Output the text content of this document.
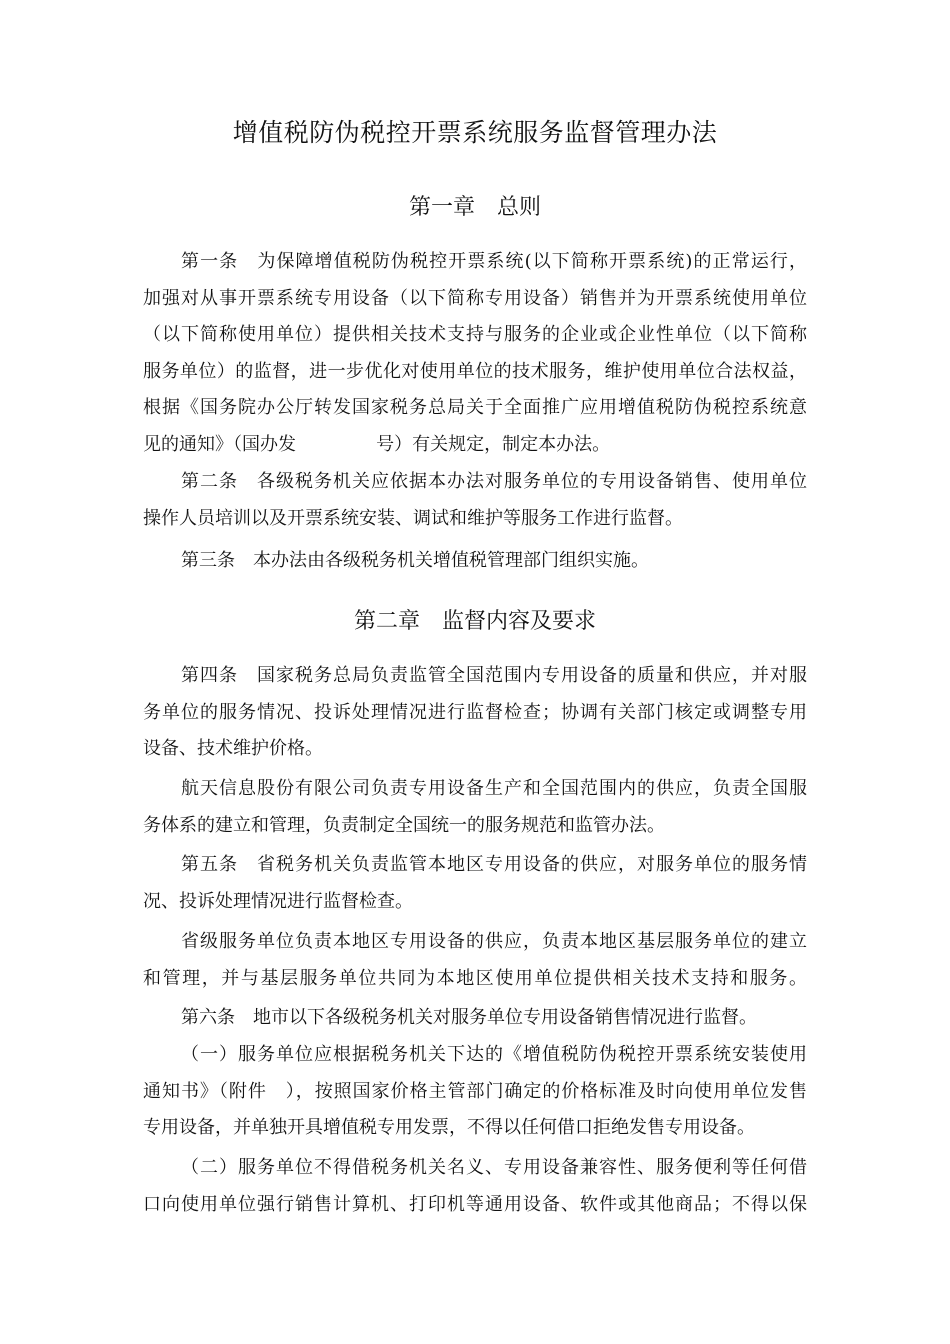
增值税防伪税控开票系统服务监督管理办法
第一章　总则
第一条　为保障增值税防伪税控开票系统(以下简称开票系统)的正常运行，
加强对从事开票系统专用设备（以下简称专用设备）销售并为开票系统使用单位
（以下简称使用单位）提供相关技术支持与服务的企业或企业性单位（以下简称
服务单位）的监督，进一步优化对使用单位的技术服务，维护使用单位合法权益，
根据《国务院办公厅转发国家税务总局关于全面推广应用增值税防伪税控系统意
见的通知》（国办发	号）有关规定，制定本办法。
第二条　各级税务机关应依据本办法对服务单位的专用设备销售、使用单位
操作人员培训以及开票系统安装、调试和维护等服务工作进行监督。
第三条　本办法由各级税务机关增值税管理部门组织实施。
第二章　监督内容及要求
第四条　国家税务总局负责监管全国范围内专用设备的质量和供应，并对服
务单位的服务情况、投诉处理情况进行监督检查；协调有关部门核定或调整专用
设备、技术维护价格。
航天信息股份有限公司负责专用设备生产和全国范围内的供应，负责全国服
务体系的建立和管理，负责制定全国统一的服务规范和监管办法。
第五条　省税务机关负责监管本地区专用设备的供应，对服务单位的服务情
况、投诉处理情况进行监督检查。
省级服务单位负责本地区专用设备的供应，负责本地区基层服务单位的建立
和管理，并与基层服务单位共同为本地区使用单位提供相关技术支持和服务。
第六条　地市以下各级税务机关对服务单位专用设备销售情况进行监督。
（一）服务单位应根据税务机关下达的《增值税防伪税控开票系统安装使用
通知书》（附件　），按照国家价格主管部门确定的价格标准及时向使用单位发售
专用设备，并单独开具增值税专用发票，不得以任何借口拒绝发售专用设备。
（二）服务单位不得借税务机关名义、专用设备兼容性、服务便利等任何借
口向使用单位强行销售计算机、打印机等通用设备、软件或其他商品；不得以保
